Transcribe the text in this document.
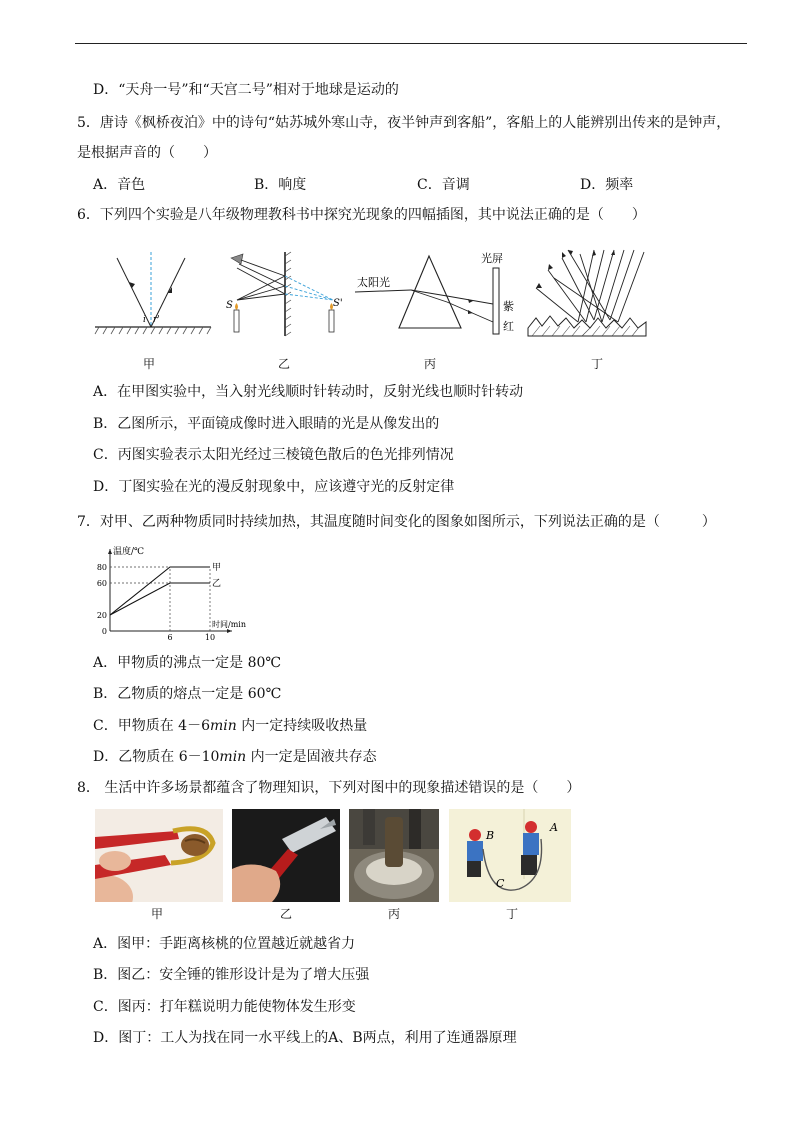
D．“天舟一号”和“天宫二号”相对于地球是运动的
5．唐诗《枫桥夜泊》中的诗句“姑苏城外寒山寺，夜半钟声到客船”，客船上的人能辨别出传来的是钟声，
是根据声音的（　　）
A．音色	B．响度	C．音调	D．频率
6．下列四个实验是八年级物理教科书中探究光现象的四幅插图，其中说法正确的是（　　）
i r'
S	S'
太阳光
光屏
紫
红
甲	乙	丙	丁
A．在甲图实验中，当入射光线顺时针转动时，反射光线也顺时针转动
B．乙图所示，平面镜成像时进入眼睛的光是从像发出的
C．丙图实验表示太阳光经过三棱镜色散后的色光排列情况
D．丁图实验在光的漫反射现象中，应该遵守光的反射定律
7．对甲、乙两种物质同时持续加热，其温度随时间变化的图象如图所示，下列说法正确的是（　　　）
温度/℃
时间/min
0
20
60
80
6	10
甲
乙
A．甲物质的沸点一定是 80℃
B．乙物质的熔点一定是 60℃
C．甲物质在 4－6min 内一定持续吸收热量
D．乙物质在 6－10min 内一定是固液共存态
8． 生活中许多场景都蕴含了物理知识，下列对图中的现象描述错误的是（　　）
B
A
C
甲	乙	丙	丁
A．图甲：手距离核桃的位置越近就越省力
B．图乙：安全锤的锥形设计是为了增大压强
C．图丙：打年糕说明力能使物体发生形变
D．图丁：工人为找在同一水平线上的A、B两点，利用了连通器原理
